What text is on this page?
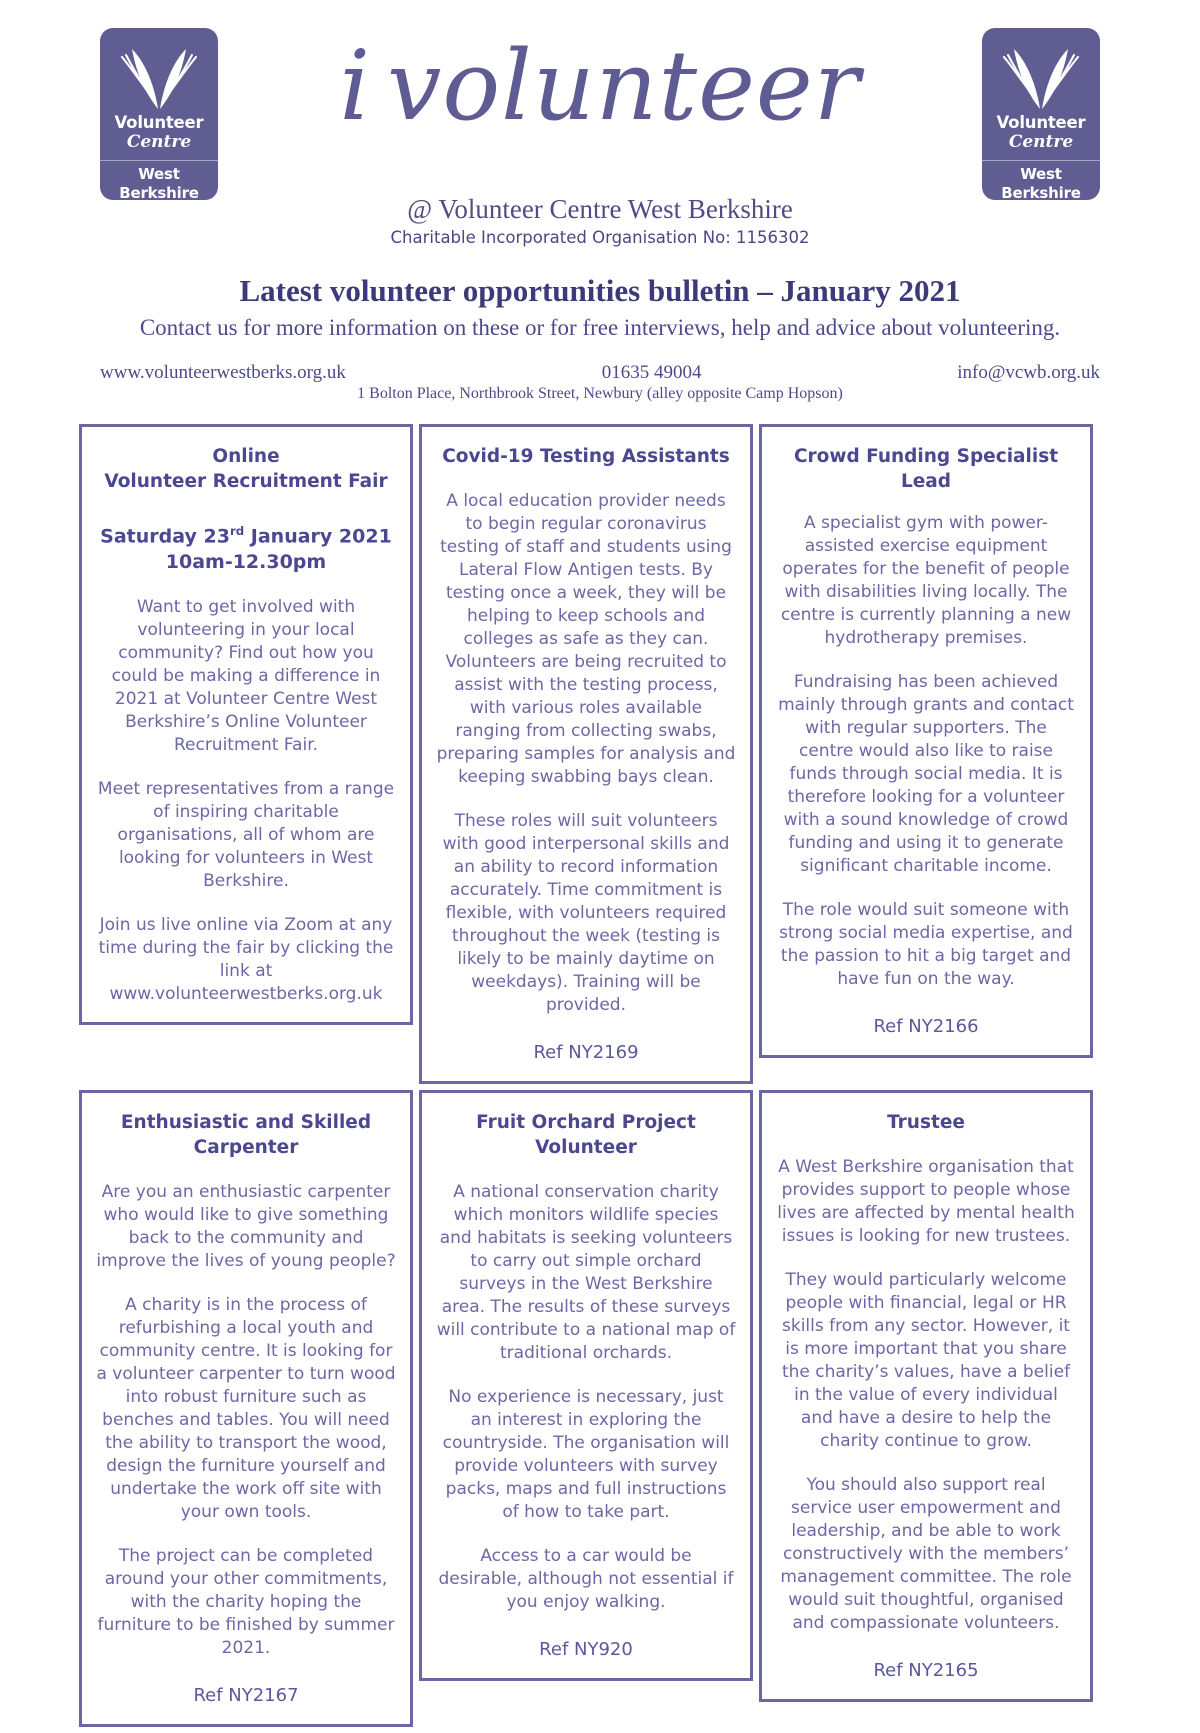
Volunteer
Centre
West
Berkshire
Volunteer
Centre
West
Berkshire
i volunteer
@ Volunteer Centre West Berkshire
Charitable Incorporated Organisation No: 1156302
Latest volunteer opportunities bulletin – January 2021
Contact us for more information on these or for free interviews, help and advice about volunteering.
www.volunteerwestberks.org.uk	01635 49004	info@vcwb.org.uk
1 Bolton Place, Northbrook Street, Newbury (alley opposite Camp Hopson)
Online
Volunteer Recruitment Fair
Saturday 23rd January 2021
10am-12.30pm

Want to get involved with volunteering in your local community? Find out how you could be making a difference in 2021 at Volunteer Centre West Berkshire’s Online Volunteer Recruitment Fair.

Meet representatives from a range of inspiring charitable organisations, all of whom are looking for volunteers in West Berkshire.

Join us live online via Zoom at any time during the fair by clicking the link at www.volunteerwestberks.org.uk

Covid-19 Testing Assistants

A local education provider needs to begin regular coronavirus testing of staff and students using Lateral Flow Antigen tests. By testing once a week, they will be helping to keep schools and colleges as safe as they can. Volunteers are being recruited to assist with the testing process, with various roles available ranging from collecting swabs, preparing samples for analysis and keeping swabbing bays clean.

These roles will suit volunteers with good interpersonal skills and an ability to record information accurately. Time commitment is flexible, with volunteers required throughout the week (testing is likely to be mainly daytime on weekdays). Training will be provided.

Ref NY2169
Crowd Funding Specialist
Lead

A specialist gym with power-assisted exercise equipment operates for the benefit of people with disabilities living locally. The centre is currently planning a new hydrotherapy premises.

Fundraising has been achieved mainly through grants and contact with regular supporters. The centre would also like to raise funds through social media. It is therefore looking for a volunteer with a sound knowledge of crowd funding and using it to generate significant charitable income.

The role would suit someone with strong social media expertise, and the passion to hit a big target and have fun on the way.

Ref NY2166
Enthusiastic and Skilled
Carpenter

Are you an enthusiastic carpenter who would like to give something back to the community and improve the lives of young people?

A charity is in the process of refurbishing a local youth and community centre. It is looking for a volunteer carpenter to turn wood into robust furniture such as benches and tables. You will need the ability to transport the wood, design the furniture yourself and undertake the work off site with your own tools.

The project can be completed around your other commitments, with the charity hoping the furniture to be finished by summer 2021.

Ref NY2167
Fruit Orchard Project
Volunteer

A national conservation charity which monitors wildlife species and habitats is seeking volunteers to carry out simple orchard surveys in the West Berkshire area. The results of these surveys will contribute to a national map of traditional orchards.

No experience is necessary, just an interest in exploring the countryside. The organisation will provide volunteers with survey packs, maps and full instructions of how to take part.

Access to a car would be desirable, although not essential if you enjoy walking.

Ref NY920
Trustee

A West Berkshire organisation that provides support to people whose lives are affected by mental health issues is looking for new trustees.

They would particularly welcome people with financial, legal or HR skills from any sector. However, it is more important that you share the charity’s values, have a belief in the value of every individual and have a desire to help the charity continue to grow.

You should also support real service user empowerment and leadership, and be able to work constructively with the members’ management committee. The role would suit thoughtful, organised and compassionate volunteers.

Ref NY2165
